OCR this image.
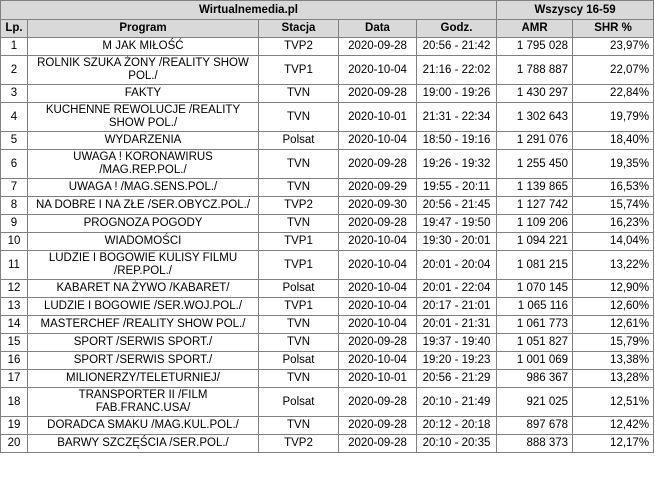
Wirtualnemedia.pl					Wszyscy 16-59	
Lp.	Program	Stacja	Data	Godz.	AMR	SHR %
1	M JAK MIŁOŚĆ	TVP2	2020-09-28	20:56 - 21:42	1 795 028	23,97%
2	ROLNIK SZUKA ŻONY /REALITY SHOW POL./	TVP1	2020-10-04	21:16 - 22:02	1 788 887	22,07%
3	FAKTY	TVN	2020-09-28	19:00 - 19:26	1 430 297	22,84%
4	KUCHENNE REWOLUCJE /REALITY SHOW POL./	TVN	2020-10-01	21:31 - 22:34	1 302 643	19,79%
5	WYDARZENIA	Polsat	2020-10-04	18:50 - 19:16	1 291 076	18,40%
6	UWAGA ! KORONAWIRUS /MAG.REP.POL./	TVN	2020-09-28	19:26 - 19:32	1 255 450	19,35%
7	UWAGA ! /MAG.SENS.POL./	TVN	2020-09-29	19:55 - 20:11	1 139 865	16,53%
8	NA DOBRE I NA ZŁE /SER.OBYCZ.POL./	TVP2	2020-09-30	20:56 - 21:45	1 127 742	15,74%
9	PROGNOZA POGODY	TVN	2020-09-28	19:47 - 19:50	1 109 206	16,23%
10	WIADOMOŚCI	TVP1	2020-10-04	19:30 - 20:01	1 094 221	14,04%
11	LUDZIE I BOGOWIE KULISY FILMU /REP.POL./	TVP1	2020-10-04	20:01 - 20:04	1 081 215	13,22%
12	KABARET NA ŻYWO /KABARET/	Polsat	2020-10-04	20:01 - 22:04	1 070 145	12,90%
13	LUDZIE I BOGOWIE /SER.WOJ.POL./	TVP1	2020-10-04	20:17 - 21:01	1 065 116	12,60%
14	MASTERCHEF /REALITY SHOW POL./	TVN	2020-10-04	20:01 - 21:31	1 061 773	12,61%
15	SPORT /SERWIS SPORT./	TVN	2020-09-28	19:37 - 19:40	1 051 827	15,79%
16	SPORT /SERWIS SPORT./	Polsat	2020-10-04	19:20 - 19:23	1 001 069	13,38%
17	MILIONERZY/TELETURNIEJ/	TVN	2020-10-01	20:56 - 21:29	986 367	13,28%
18	TRANSPORTER II /FILM FAB.FRANC.USA/	Polsat	2020-09-28	20:10 - 21:49	921 025	12,51%
19	DORADCA SMAKU /MAG.KUL.POL./	TVN	2020-09-28	20:12 - 20:18	897 678	12,42%
20	BARWY SZCZĘŚCIA /SER.POL./	TVP2	2020-09-28	20:10 - 20:35	888 373	12,17%
